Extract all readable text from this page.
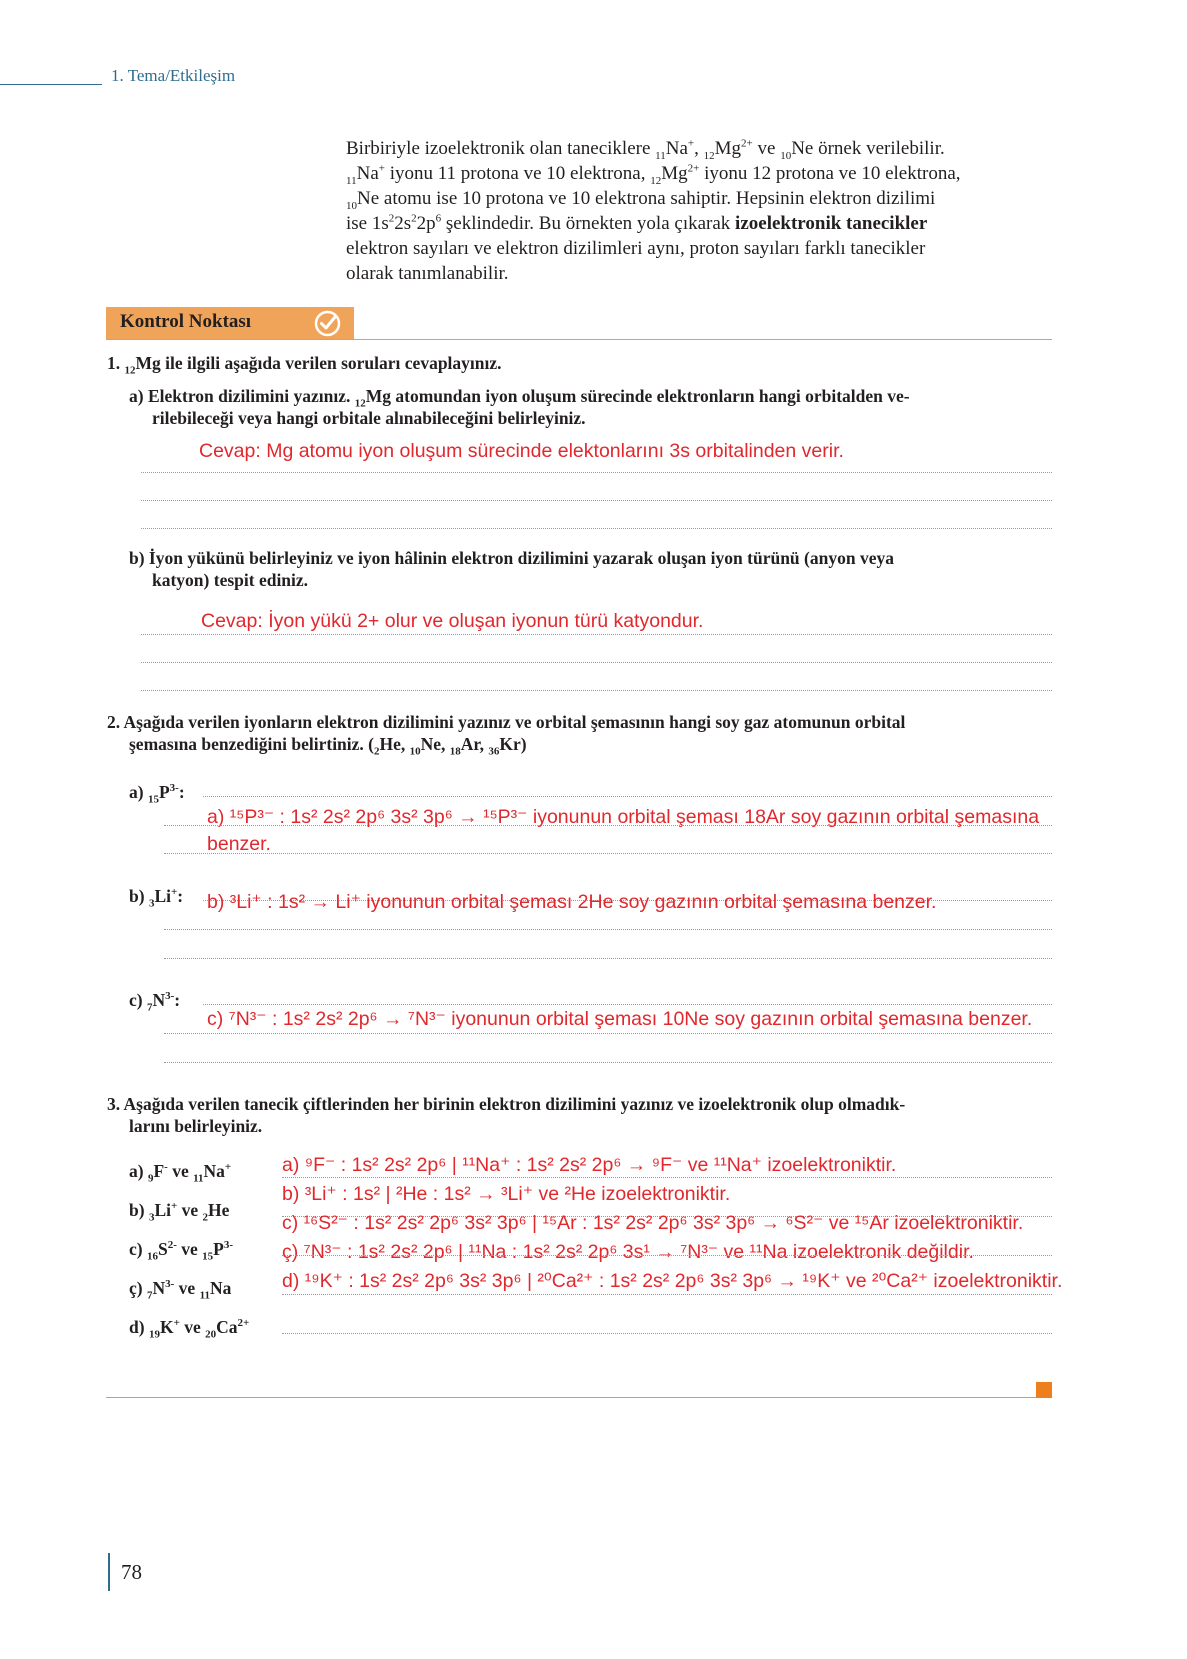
1. Tema/Etkileşim

Birbiriyle izoelektronik olan taneciklere $_{11}$Na+, $_{12}Mg^{2+}$ ve $_{10}$Ne örnek verilebilir.

$_{11}$Na+ iyonu 11 protona ve 10 elektrona, $_{12}Mg^{2+}$ iyonu 12 protona ve 10 elektrona,

$_{10}$Ne atomu ise 10 protona ve 10 elektrona sahiptir. Hepsinin elektron dizilimi

ise $1s^22s^22p^6$ şeklindedir. Bu örnekten yola çıkarak izoelektronik tanecikler

elektron sayıları ve elektron dizilimleri aynı, proton sayıları farklı tanecikler

olarak tanımlanabilir.

Kontrol Noktası
1. $_{12}$Mg ile ilgili aşağıda verilen soruları cevaplayınız.
a) Elektron dizilimini yazınız. $_{12}$Mg atomundan iyon oluşum sürecinde elektronların hangi orbitalden ve-
rilebileceği veya hangi orbitale alınabileceğini belirleyiniz.
Cevap: Mg atomu iyon oluşum sürecinde elektonlarını 3s orbitalinden verir.
b) İyon yükünü belirleyiniz ve iyon hâlinin elektron dizilimini yazarak oluşan iyon türünü (anyon veya
katyon) tespit ediniz.
Cevap: İyon yükü 2+ olur ve oluşan iyonun türü katyondur.
2. Aşağıda verilen iyonların elektron dizilimini yazınız ve orbital şemasının hangi soy gaz atomunun orbital
şemasına benzediğini belirtiniz. ($_2He$, $_{10}$Ne, $_{18}$Ar, $_{36}$Kr)
a) $_{15}P^{3-}$:
a) ¹⁵P³⁻ : 1s² 2s² 2p⁶ 3s² 3p⁶ → ¹⁵P³⁻ iyonunun orbital şeması 18Ar soy gazının orbital şemasına
benzer.
b) $_3$Li+: b) ³Li⁺ : 1s² → Li⁺ iyonunun orbital şeması 2He soy gazının orbital şemasına benzer.
c) $_7N^{3-}$:
c) ⁷N³⁻ : 1s² 2s² 2p⁶ → ⁷N³⁻ iyonunun orbital şeması 10Ne soy gazının orbital şemasına benzer.
3. Aşağıda verilen tanecik çiftlerinden her birinin elektron dizilimini yazınız ve izoelektronik olup olmadık-
larını belirleyiniz.
a) $_9$F- ve $_{11}$Na+
b) $_3$Li+ ve $_2$He
c) $_{16}S^{2-}$ ve $_{15}P^{3-}$
ç) $_7N^{3-}$ ve $_{11}$Na
d) $_{19}$K+ ve $_{20}Ca^{2+}$
a) ⁹F⁻ : 1s² 2s² 2p⁶ | ¹¹Na⁺ : 1s² 2s² 2p⁶ → ⁹F⁻ ve ¹¹Na⁺ izoelektroniktir.
b) ³Li⁺ : 1s² | ²He : 1s² → ³Li⁺ ve ²He izoelektroniktir.
c) ¹⁶S²⁻ : 1s² 2s² 2p⁶ 3s² 3p⁶ | ¹⁵Ar : 1s² 2s² 2p⁶ 3s² 3p⁶ → ⁶S²⁻ ve ¹⁵Ar izoelektroniktir.
ç) ⁷N³⁻ : 1s² 2s² 2p⁶ | ¹¹Na : 1s² 2s² 2p⁶ 3s¹ → ⁷N³⁻ ve ¹¹Na izoelektronik değildir.
d) ¹⁹K⁺ : 1s² 2s² 2p⁶ 3s² 3p⁶ | ²⁰Ca²⁺ : 1s² 2s² 2p⁶ 3s² 3p⁶ → ¹⁹K⁺ ve ²⁰Ca²⁺ izoelektroniktir.
78
